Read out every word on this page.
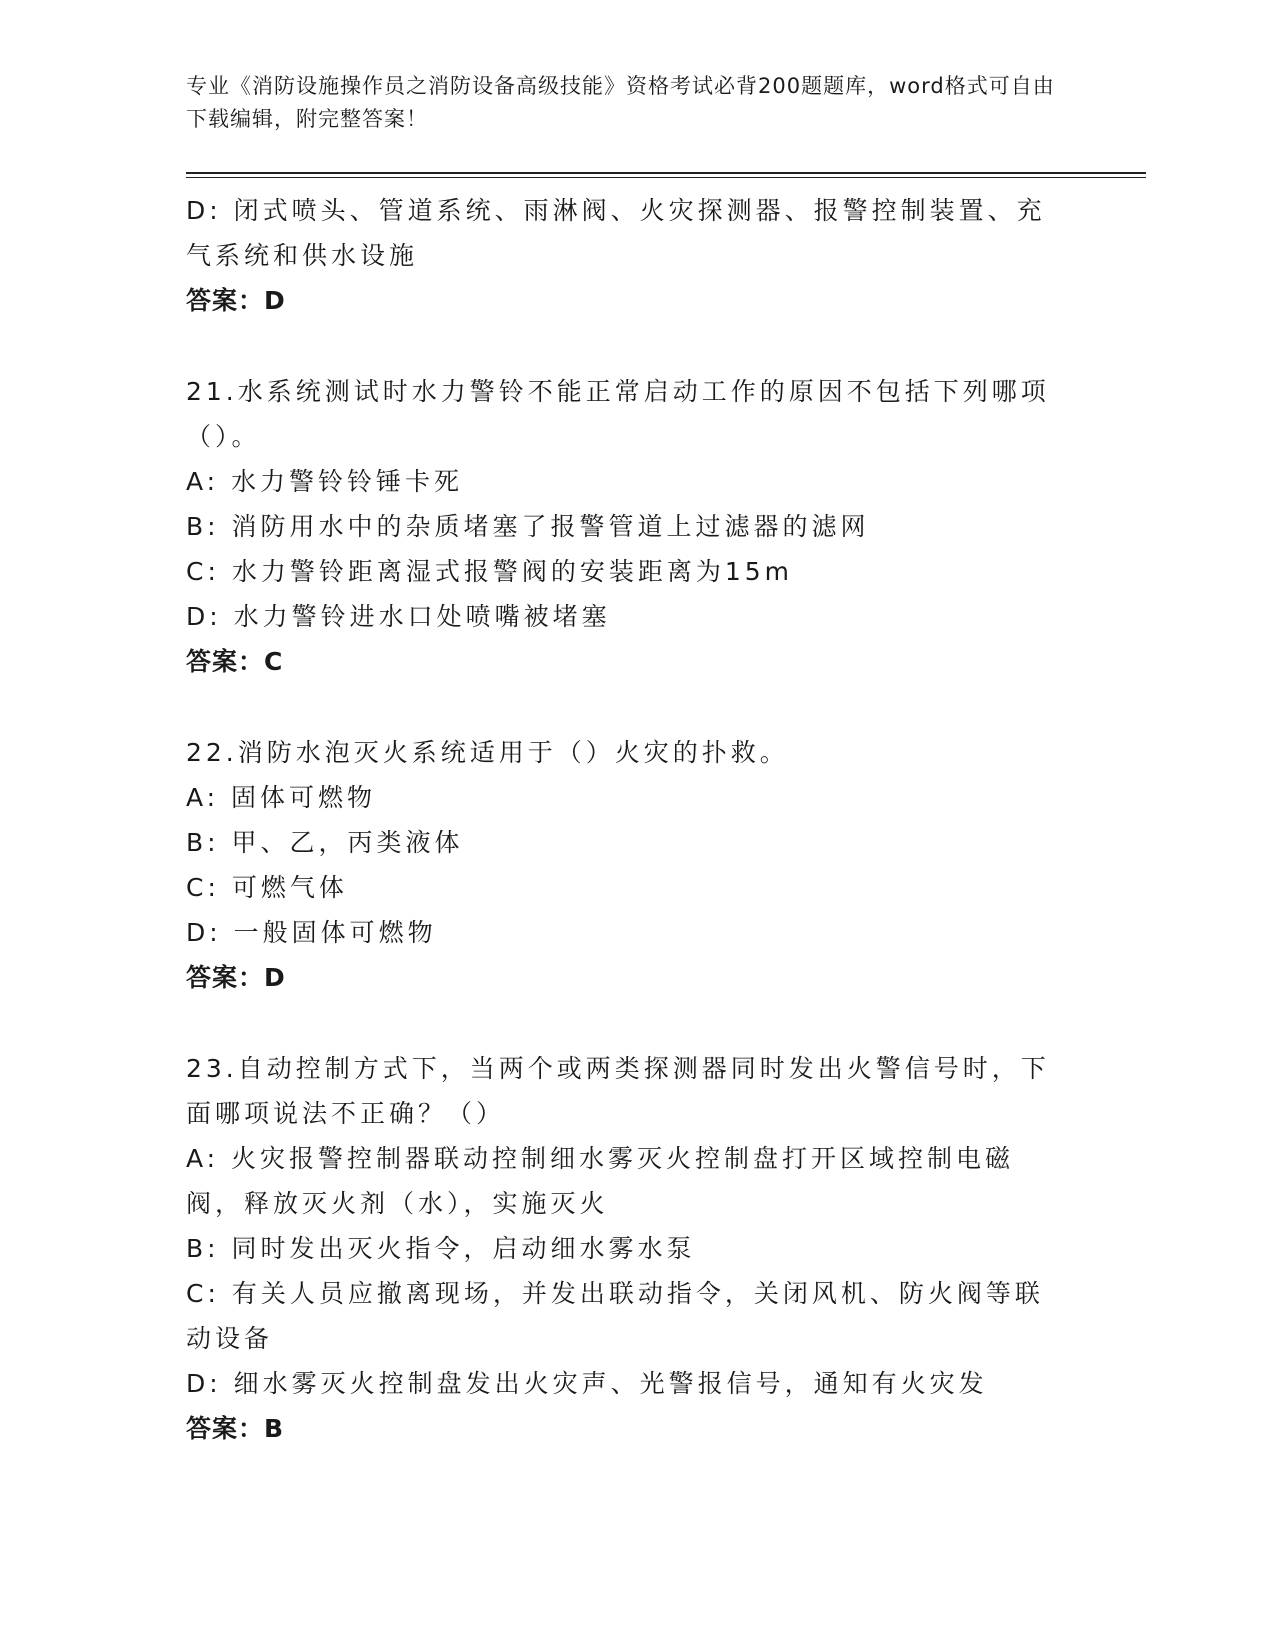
专业《消防设施操作员之消防设备高级技能》资格考试必背200题题库，word格式可自由下载编辑，附完整答案！

D: 闭式喷头、管道系统、雨淋阀、火灾探测器、报警控制装置、充气系统和供水设施

答案：D

21.水系统测试时水力警铃不能正常启动工作的原因不包括下列哪项（）。

A: 水力警铃铃锤卡死

B: 消防用水中的杂质堵塞了报警管道上过滤器的滤网

C: 水力警铃距离湿式报警阀的安装距离为15m

D: 水力警铃进水口处喷嘴被堵塞

答案：C

22.消防水泡灭火系统适用于（）火灾的扑救。

A: 固体可燃物

B: 甲、乙，丙类液体

C: 可燃气体

D: 一般固体可燃物

答案：D

23.自动控制方式下，当两个或两类探测器同时发出火警信号时，下面哪项说法不正确？（）

A: 火灾报警控制器联动控制细水雾灭火控制盘打开区域控制电磁阀，释放灭火剂（水），实施灭火

B: 同时发出灭火指令，启动细水雾水泵

C: 有关人员应撤离现场，并发出联动指令，关闭风机、防火阀等联动设备

D: 细水雾灭火控制盘发出火灾声、光警报信号，通知有火灾发

答案：B
